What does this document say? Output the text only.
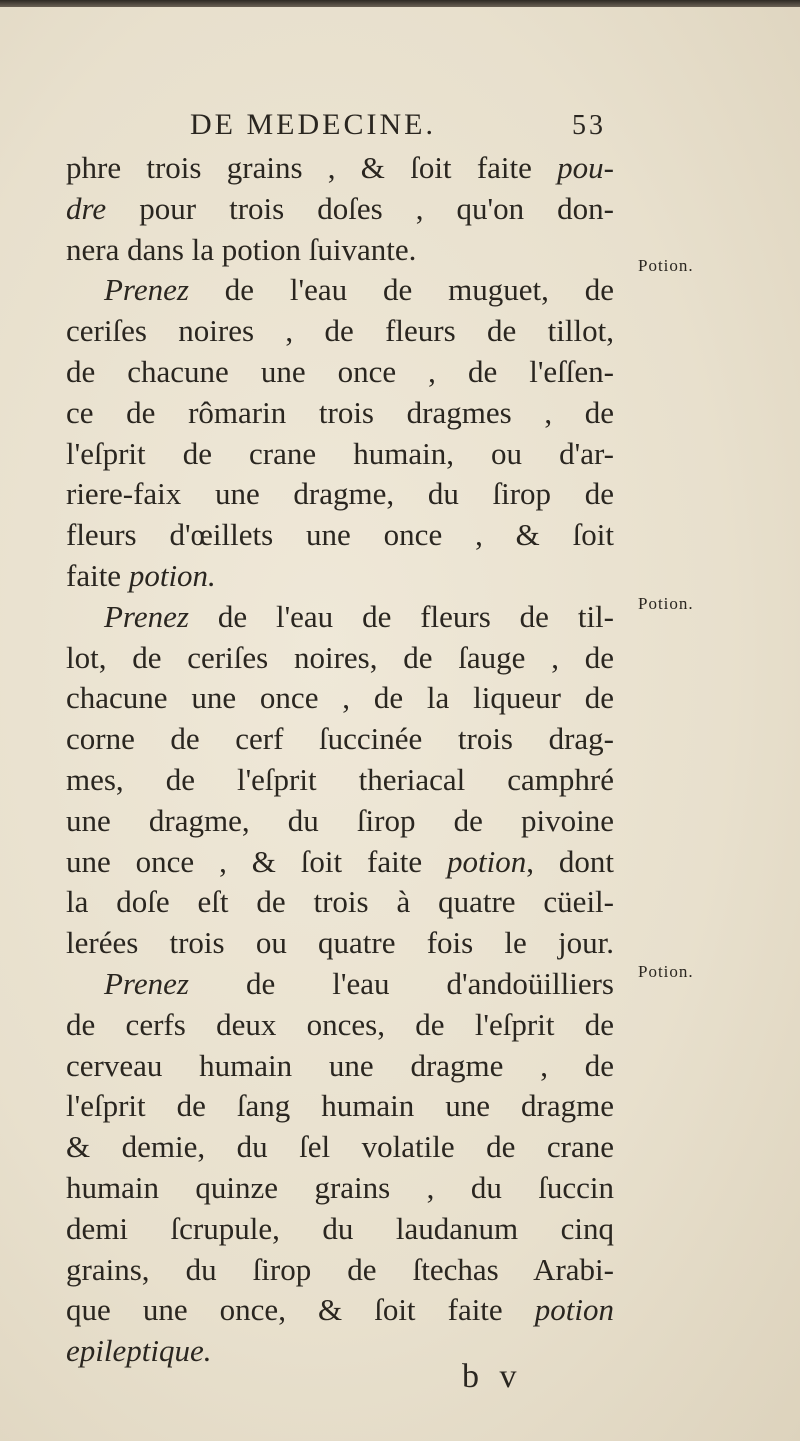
DE MEDECINE.	53
phre trois grains , & ſoit faite pou-
dre pour trois doſes , qu'on don-
nera dans la potion ſuivante.
Prenez de l'eau de muguet, de
ceriſes noires , de fleurs de tillot,
de chacune une once , de l'eſſen-
ce de rômarin trois dragmes , de
l'eſprit de crane humain, ou d'ar-
riere-faix une dragme, du ſirop de
fleurs d'œillets une once , & ſoit
faite potion.
Prenez de l'eau de fleurs de til-
lot, de ceriſes noires, de ſauge , de
chacune une once , de la liqueur de
corne de cerf ſuccinée trois drag-
mes, de l'eſprit theriacal camphré
une dragme, du ſirop de pivoine
une once , & ſoit faite potion, dont
la doſe eſt de trois à quatre cüeil-
lerées trois ou quatre fois le jour.
Prenez de l'eau d'andoüilliers
de cerfs deux onces, de l'eſprit de
cerveau humain une dragme , de
l'eſprit de ſang humain une dragme
& demie, du ſel volatile de crane
humain quinze grains , du ſuccin
demi ſcrupule, du laudanum cinq
grains, du ſirop de ſtechas Arabi-
que une once, & ſoit faite potion
epileptique.
Potion.
Potion.
Potion.
b v
